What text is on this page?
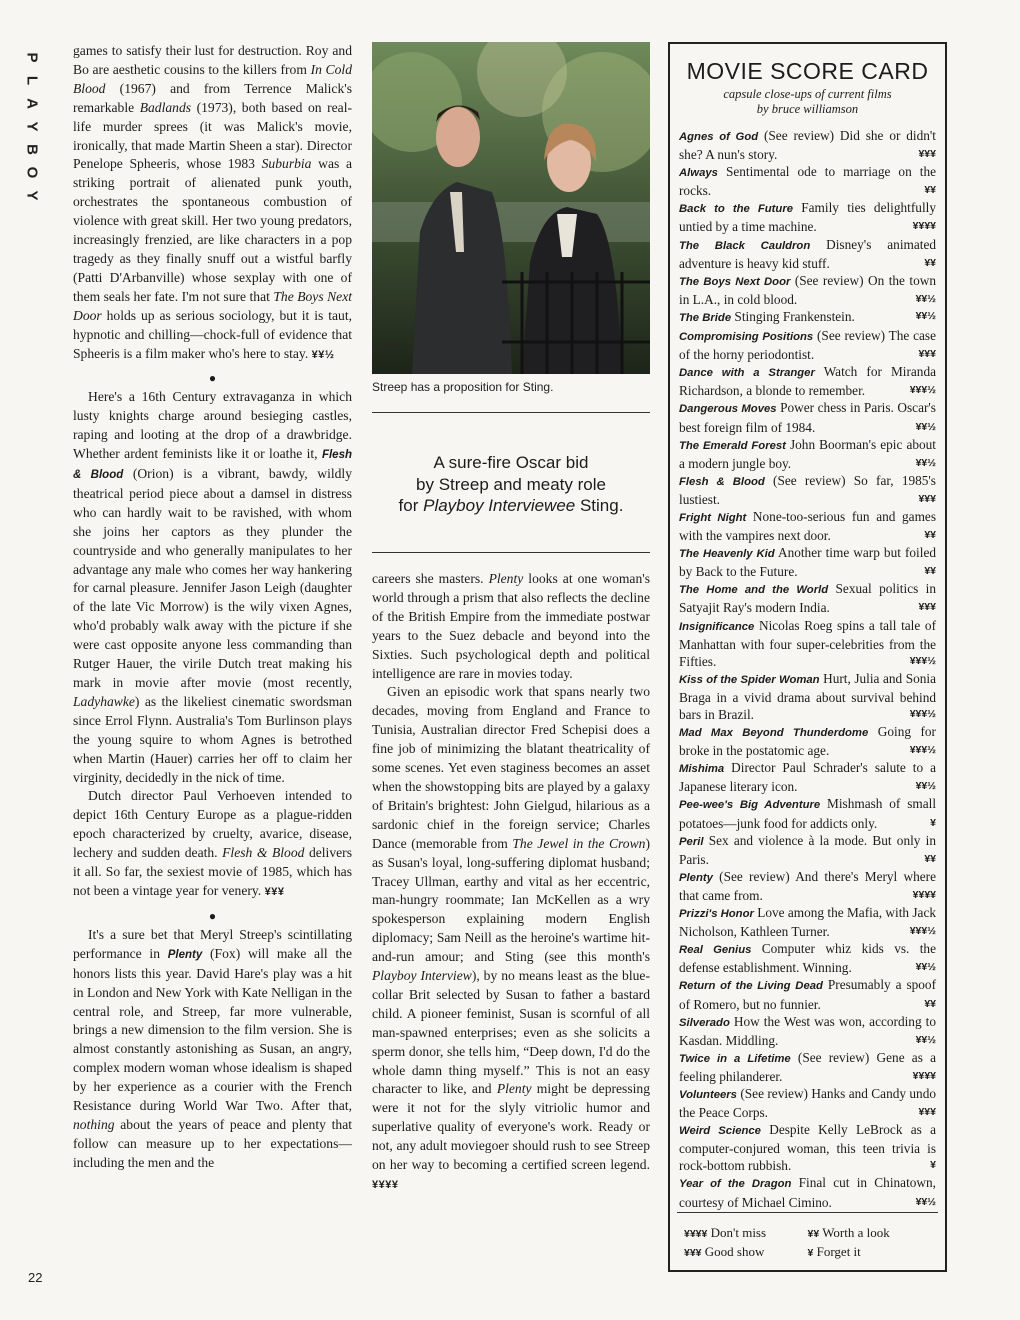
P
L
A
Y
B
O
Y

games to satisfy their lust for destruction. Roy and Bo are aesthetic cousins to the killers from In Cold Blood (1967) and from Terrence Malick's remarkable Badlands (1973), both based on real-life murder sprees (it was Malick's movie, ironically, that made Martin Sheen a star). Director Penelope Spheeris, whose 1983 Suburbia was a striking portrait of alienated punk youth, orchestrates the spontaneous combustion of violence with great skill. Her two young predators, increasingly frenzied, are like characters in a pop tragedy as they finally snuff out a wistful barfly (Patti D'Arbanville) whose sexplay with one of them seals her fate. I'm not sure that The Boys Next Door holds up as serious sociology, but it is taut, hypnotic and chilling—chock-full of evidence that Spheeris is a film maker who's here to stay. ¥¥½

●

Here's a 16th Century extravaganza in which lusty knights charge around besieging castles, raping and looting at the drop of a drawbridge. Whether ardent feminists like it or loathe it, Flesh & Blood (Orion) is a vibrant, bawdy, wildly theatrical period piece about a damsel in distress who can hardly wait to be ravished, with whom she joins her captors as they plunder the countryside and who generally manipulates to her advantage any male who comes her way hankering for carnal pleasure. Jennifer Jason Leigh (daughter of the late Vic Morrow) is the wily vixen Agnes, who'd probably walk away with the picture if she were cast opposite anyone less commanding than Rutger Hauer, the virile Dutch treat making his mark in movie after movie (most recently, Ladyhawke) as the likeliest cinematic swordsman since Errol Flynn. Australia's Tom Burlinson plays the young squire to whom Agnes is betrothed when Martin (Hauer) carries her off to claim her virginity, decidedly in the nick of time.

Dutch director Paul Verhoeven intended to depict 16th Century Europe as a plague-ridden epoch characterized by cruelty, avarice, disease, lechery and sudden death. Flesh & Blood delivers it all. So far, the sexiest movie of 1985, which has not been a vintage year for venery. ¥¥¥

●

It's a sure bet that Meryl Streep's scintillating performance in Plenty (Fox) will make all the honors lists this year. David Hare's play was a hit in London and New York with Kate Nelligan in the central role, and Streep, far more vulnerable, brings a new dimension to the film version. She is almost constantly astonishing as Susan, an angry, complex modern woman whose idealism is shaped by her experience as a courier with the French Resistance during World War Two. After that, nothing about the years of peace and plenty that follow can measure up to her expectations—including the men and the

Streep has a proposition for Sting.
A sure-fire Oscar bid
by Streep and meaty role
for Playboy Interviewee Sting.

careers she masters. Plenty looks at one woman's world through a prism that also reflects the decline of the British Empire from the immediate postwar years to the Suez debacle and beyond into the Sixties. Such psychological depth and political intelligence are rare in movies today.

Given an episodic work that spans nearly two decades, moving from England and France to Tunisia, Australian director Fred Schepisi does a fine job of minimizing the blatant theatricality of some scenes. Yet even staginess becomes an asset when the showstopping bits are played by a galaxy of Britain's brightest: John Gielgud, hilarious as a sardonic chief in the foreign service; Charles Dance (memorable from The Jewel in the Crown) as Susan's loyal, long-suffering diplomat husband; Tracey Ullman, earthy and vital as her eccentric, man-hungry roommate; Ian McKellen as a wry spokesperson explaining modern English diplomacy; Sam Neill as the heroine's wartime hit-and-run amour; and Sting (see this month's Playboy Interview), by no means least as the blue-collar Brit selected by Susan to father a bastard child. A pioneer feminist, Susan is scornful of all man-spawned enterprises; even as she solicits a sperm donor, she tells him, “Deep down, I'd do the whole damn thing myself.” This is not an easy character to like, and Plenty might be depressing were it not for the slyly vitriolic humor and superlative quality of everyone's work. Ready or not, any adult moviegoer should rush to see Streep on her way to becoming a certified screen legend. ¥¥¥¥

MOVIE SCORE CARD
capsule close-ups of current films
by bruce williamson
Agnes of God (See review) Did she or didn't she? A nun's story.	¥¥¥
Always Sentimental ode to marriage on the rocks.	¥¥
Back to the Future Family ties delightfully untied by a time machine.	¥¥¥¥
The Black Cauldron Disney's animated adventure is heavy kid stuff.	¥¥
The Boys Next Door (See review) On the town in L.A., in cold blood.	¥¥½
The Bride Stinging Frankenstein.	¥¥½
Compromising Positions (See review) The case of the horny periodontist.	¥¥¥
Dance with a Stranger Watch for Miranda Richardson, a blonde to remember.	¥¥¥½
Dangerous Moves Power chess in Paris. Oscar's best foreign film of 1984.	¥¥½
The Emerald Forest John Boorman's epic about a modern jungle boy.	¥¥½
Flesh & Blood (See review) So far, 1985's lustiest.	¥¥¥
Fright Night None-too-serious fun and games with the vampires next door.	¥¥
The Heavenly Kid Another time warp but foiled by Back to the Future.	¥¥
The Home and the World Sexual politics in Satyajit Ray's modern India.	¥¥¥
Insignificance Nicolas Roeg spins a tall tale of Manhattan with four super-celebrities from the Fifties.	¥¥¥½
Kiss of the Spider Woman Hurt, Julia and Sonia Braga in a vivid drama about survival behind bars in Brazil.	¥¥¥½
Mad Max Beyond Thunderdome Going for broke in the postatomic age.	¥¥¥½
Mishima Director Paul Schrader's salute to a Japanese literary icon.	¥¥½
Pee-wee's Big Adventure Mishmash of small potatoes—junk food for addicts only.	¥
Peril Sex and violence à la mode. But only in Paris.	¥¥
Plenty (See review) And there's Meryl where that came from.	¥¥¥¥
Prizzi's Honor Love among the Mafia, with Jack Nicholson, Kathleen Turner.	¥¥¥½
Real Genius Computer whiz kids vs. the defense establishment. Winning.	¥¥½
Return of the Living Dead Presumably a spoof of Romero, but no funnier.	¥¥
Silverado How the West was won, according to Kasdan. Middling.	¥¥½
Twice in a Lifetime (See review) Gene as a feeling philanderer.	¥¥¥¥
Volunteers (See review) Hanks and Candy undo the Peace Corps.	¥¥¥
Weird Science Despite Kelly LeBrock as a computer-conjured woman, this teen trivia is rock-bottom rubbish.	¥
Year of the Dragon Final cut in Chinatown, courtesy of Michael Cimino.	¥¥½
¥¥¥¥ Don't miss	¥¥ Worth a look
¥¥¥ Good show	¥ Forget it
22
